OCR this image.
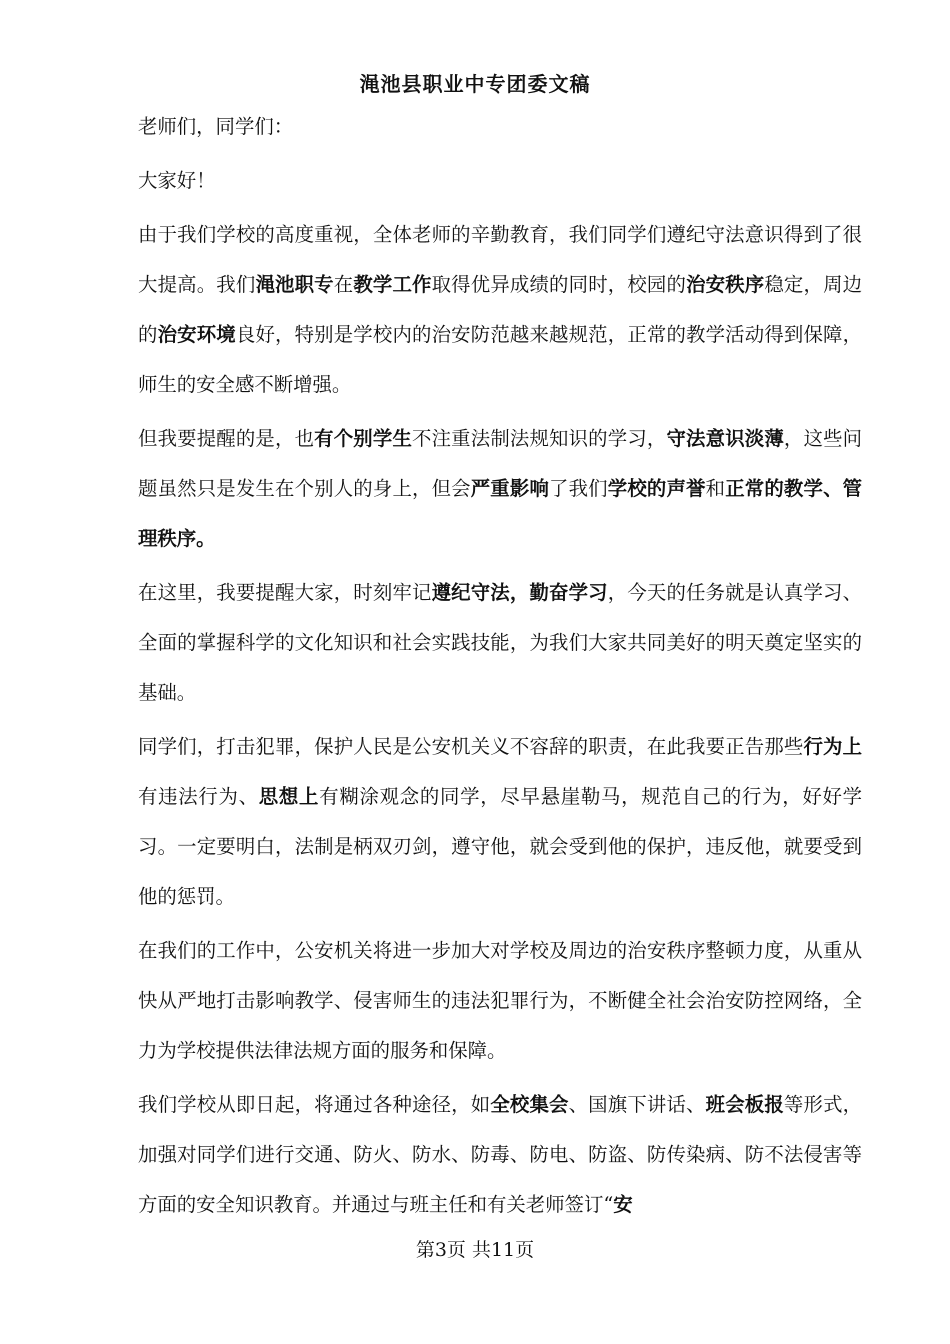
渑池县职业中专团委文稿

老师们，同学们：

大家好！

由于我们学校的高度重视，全体老师的辛勤教育，我们同学们遵纪守法意识得到了很大提高。我们渑池职专在教学工作取得优异成绩的同时，校园的治安秩序稳定，周边的治安环境良好，特别是学校内的治安防范越来越规范，正常的教学活动得到保障，师生的安全感不断增强。

但我要提醒的是，也有个别学生不注重法制法规知识的学习，守法意识淡薄，这些问题虽然只是发生在个别人的身上，但会严重影响了我们学校的声誉和正常的教学、管理秩序。

在这里，我要提醒大家，时刻牢记遵纪守法，勤奋学习，今天的任务就是认真学习、全面的掌握科学的文化知识和社会实践技能，为我们大家共同美好的明天奠定坚实的基础。

同学们，打击犯罪，保护人民是公安机关义不容辞的职责，在此我要正告那些行为上有违法行为、思想上有糊涂观念的同学，尽早悬崖勒马，规范自己的行为，好好学习。一定要明白，法制是柄双刃剑，遵守他，就会受到他的保护，违反他，就要受到他的惩罚。

在我们的工作中，公安机关将进一步加大对学校及周边的治安秩序整顿力度，从重从快从严地打击影响教学、侵害师生的违法犯罪行为，不断健全社会治安防控网络，全力为学校提供法律法规方面的服务和保障。

我们学校从即日起，将通过各种途径，如全校集会、国旗下讲话、班会板报等形式，加强对同学们进行交通、防火、防水、防毒、防电、防盗、防传染病、防不法侵害等方面的安全知识教育。并通过与班主任和有关老师签订“安

第3页 共11页
